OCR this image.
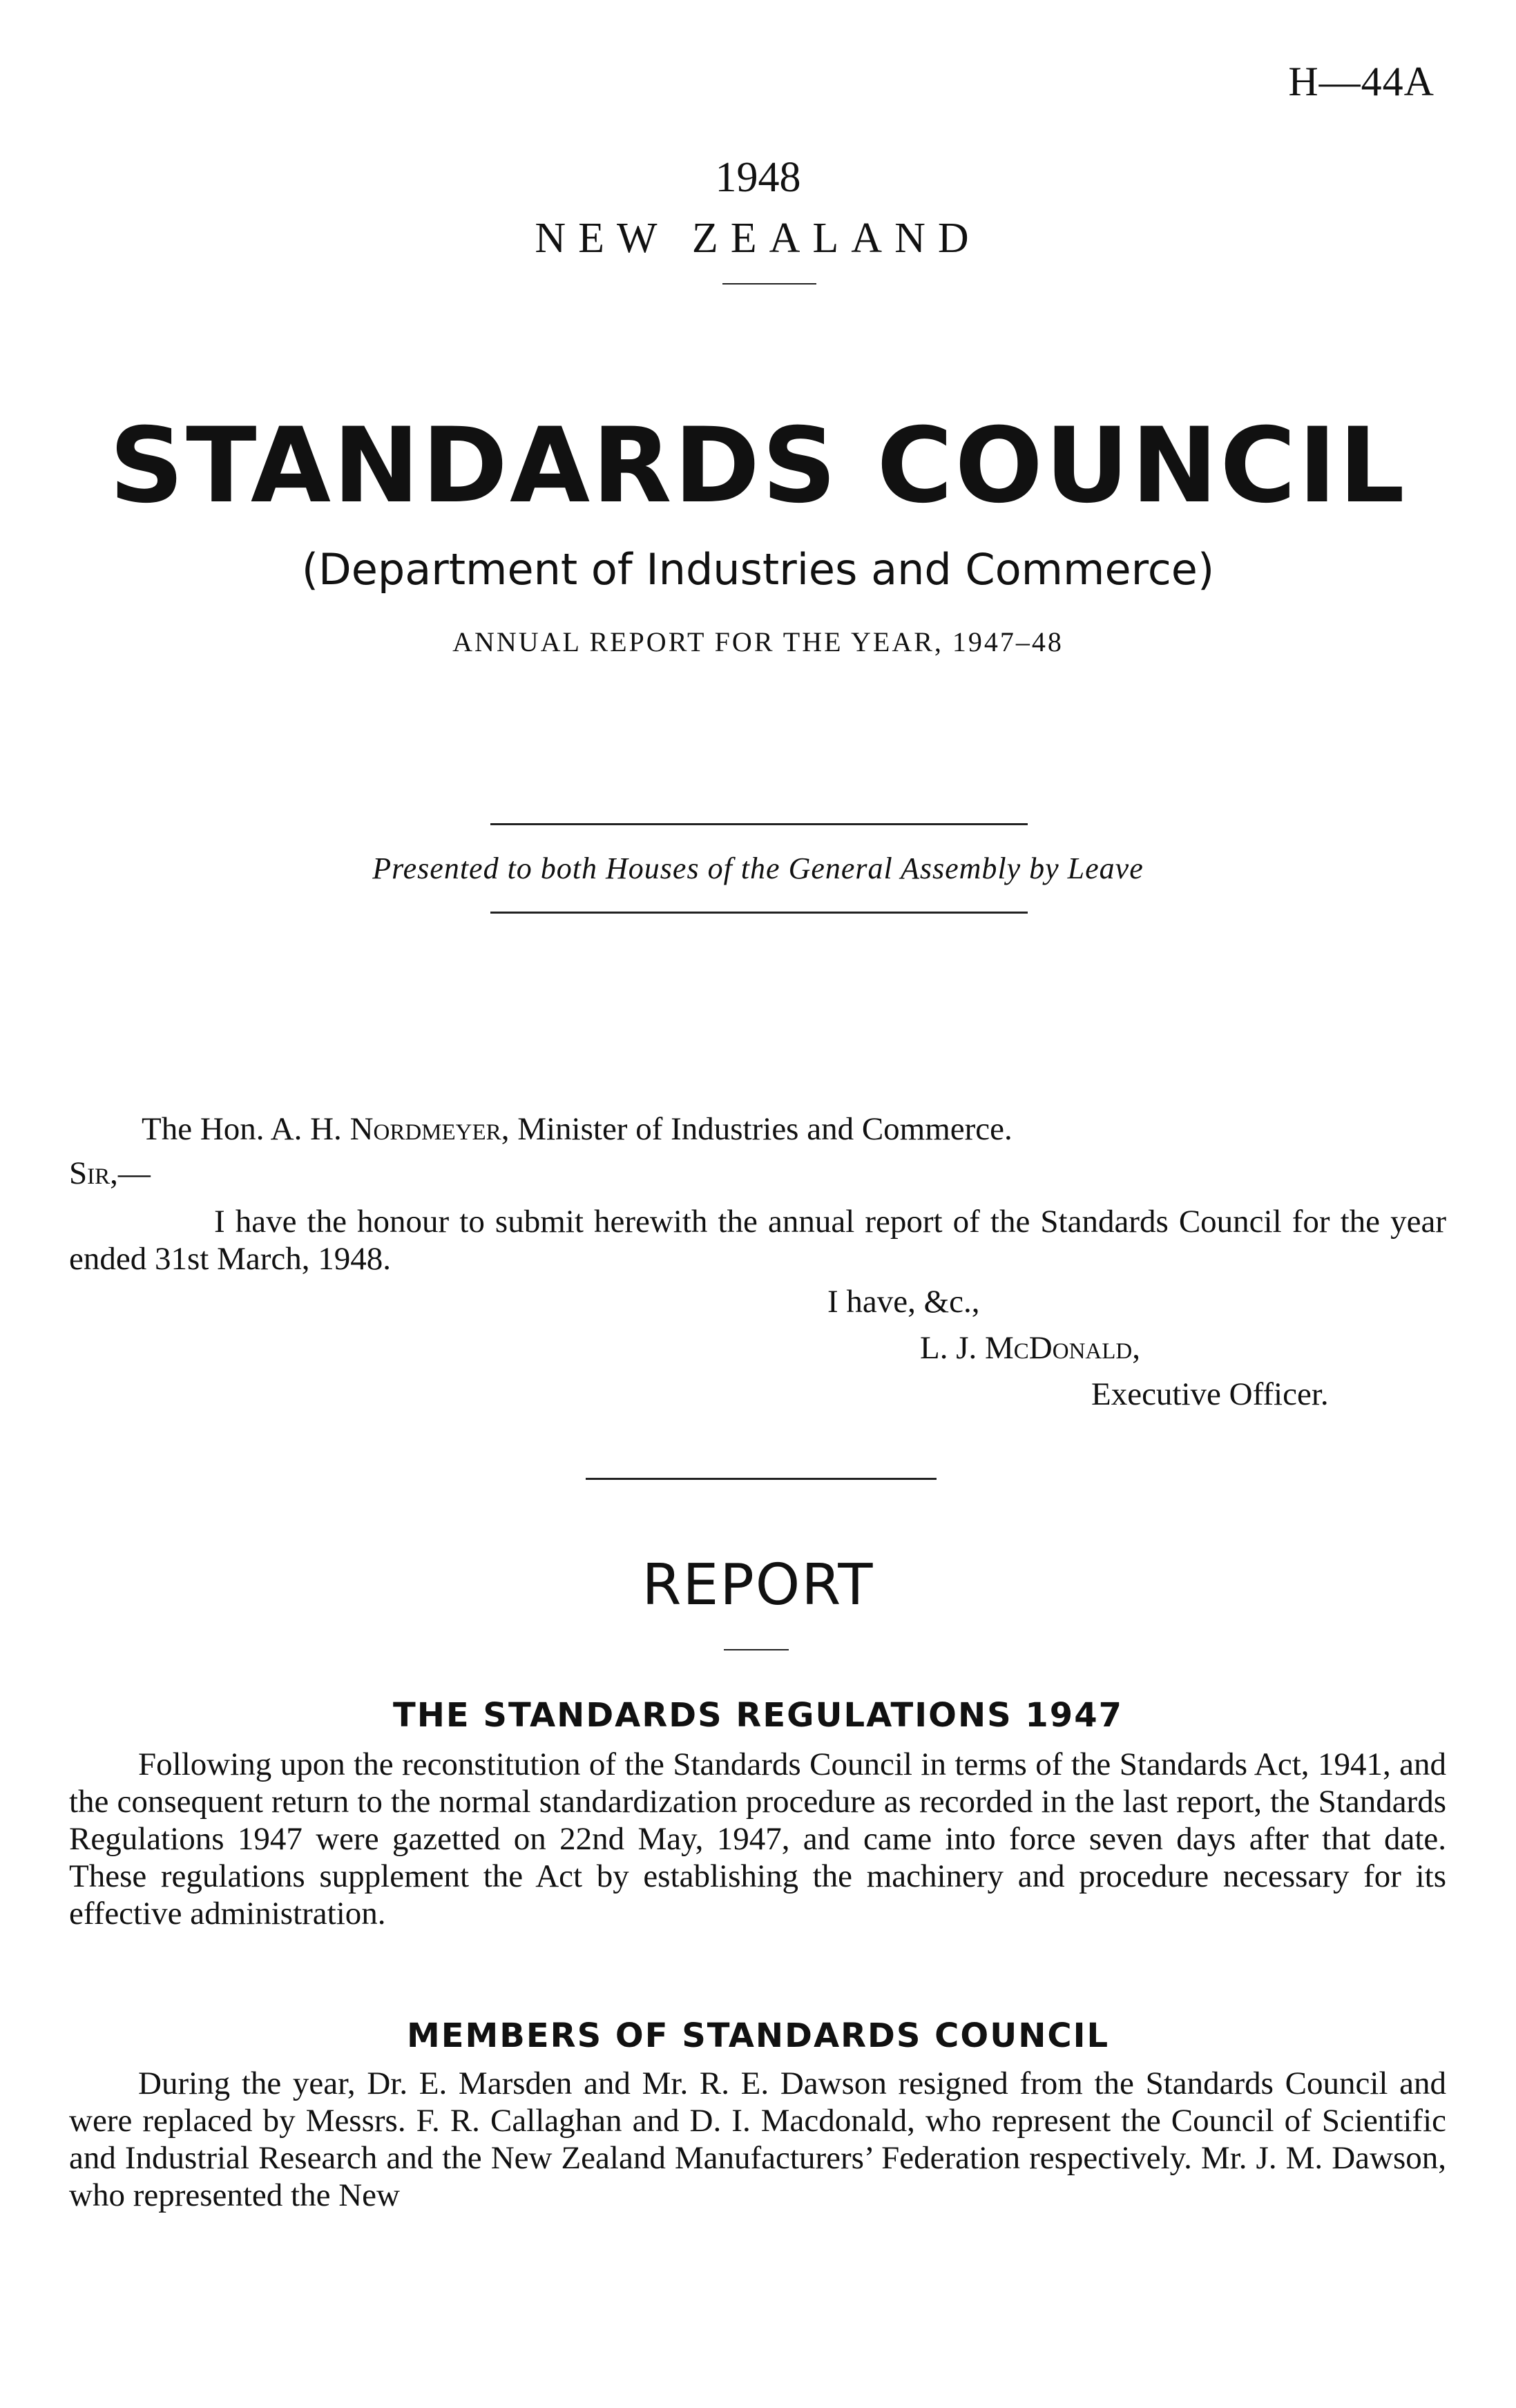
H—44A
1948
NEW ZEALAND
STANDARDS COUNCIL
(Department of Industries and Commerce)
ANNUAL REPORT FOR THE YEAR, 1947–48
Presented to both Houses of the General Assembly by Leave
The Hon. A. H. Nordmeyer, Minister of Industries and Commerce.
Sir,—
I have the honour to submit herewith the annual report of the Standards Council for the year ended 31st March, 1948.
I have, &c.,
L. J. McDonald,
Executive Officer.
REPORT
THE STANDARDS REGULATIONS 1947
Following upon the reconstitution of the Standards Council in terms of the Standards Act, 1941, and the consequent return to the normal standardization procedure as recorded in the last report, the Standards Regulations 1947 were gazetted on 22nd May, 1947, and came into force seven days after that date. These regulations supplement the Act by establishing the machinery and procedure necessary for its effective administration.
MEMBERS OF STANDARDS COUNCIL
During the year, Dr. E. Marsden and Mr. R. E. Dawson resigned from the Standards Council and were replaced by Messrs. F. R. Callaghan and D. I. Macdonald, who represent the Council of Scientific and Industrial Research and the New Zealand Manufacturers’ Federation respectively. Mr. J. M. Dawson, who represented the New
